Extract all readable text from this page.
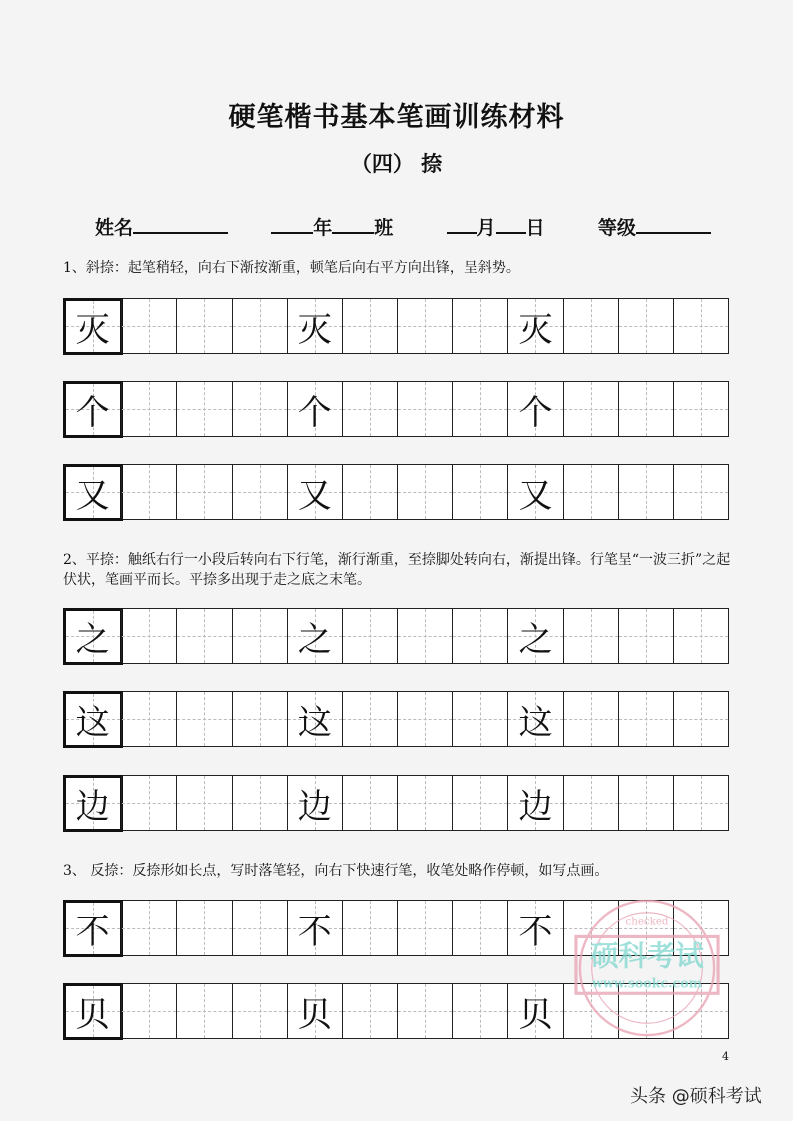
硬笔楷书基本笔画训练材料
（四） 捺
姓名	年 班	月 日	等级
1、斜捺：起笔稍轻，向右下渐按渐重，顿笔后向右平方向出锋，呈斜势。
2、平捺：触纸右行一小段后转向右下行笔，渐行渐重，至捺脚处转向右，渐提出锋。行笔呈“一波三折”之起伏状，笔画平而长。平捺多出现于走之底之末笔。
3、 反捺：反捺形如长点，写时落笔轻，向右下快速行笔，收笔处略作停顿，如写点画。
灭	灭	灭
个	个	个
又	又	又
之	之	之
这	这	这
边	边	边
不	不	不
贝	贝	贝
硕科考试
www.sookc.com
checked
4
头条 @硕科考试
